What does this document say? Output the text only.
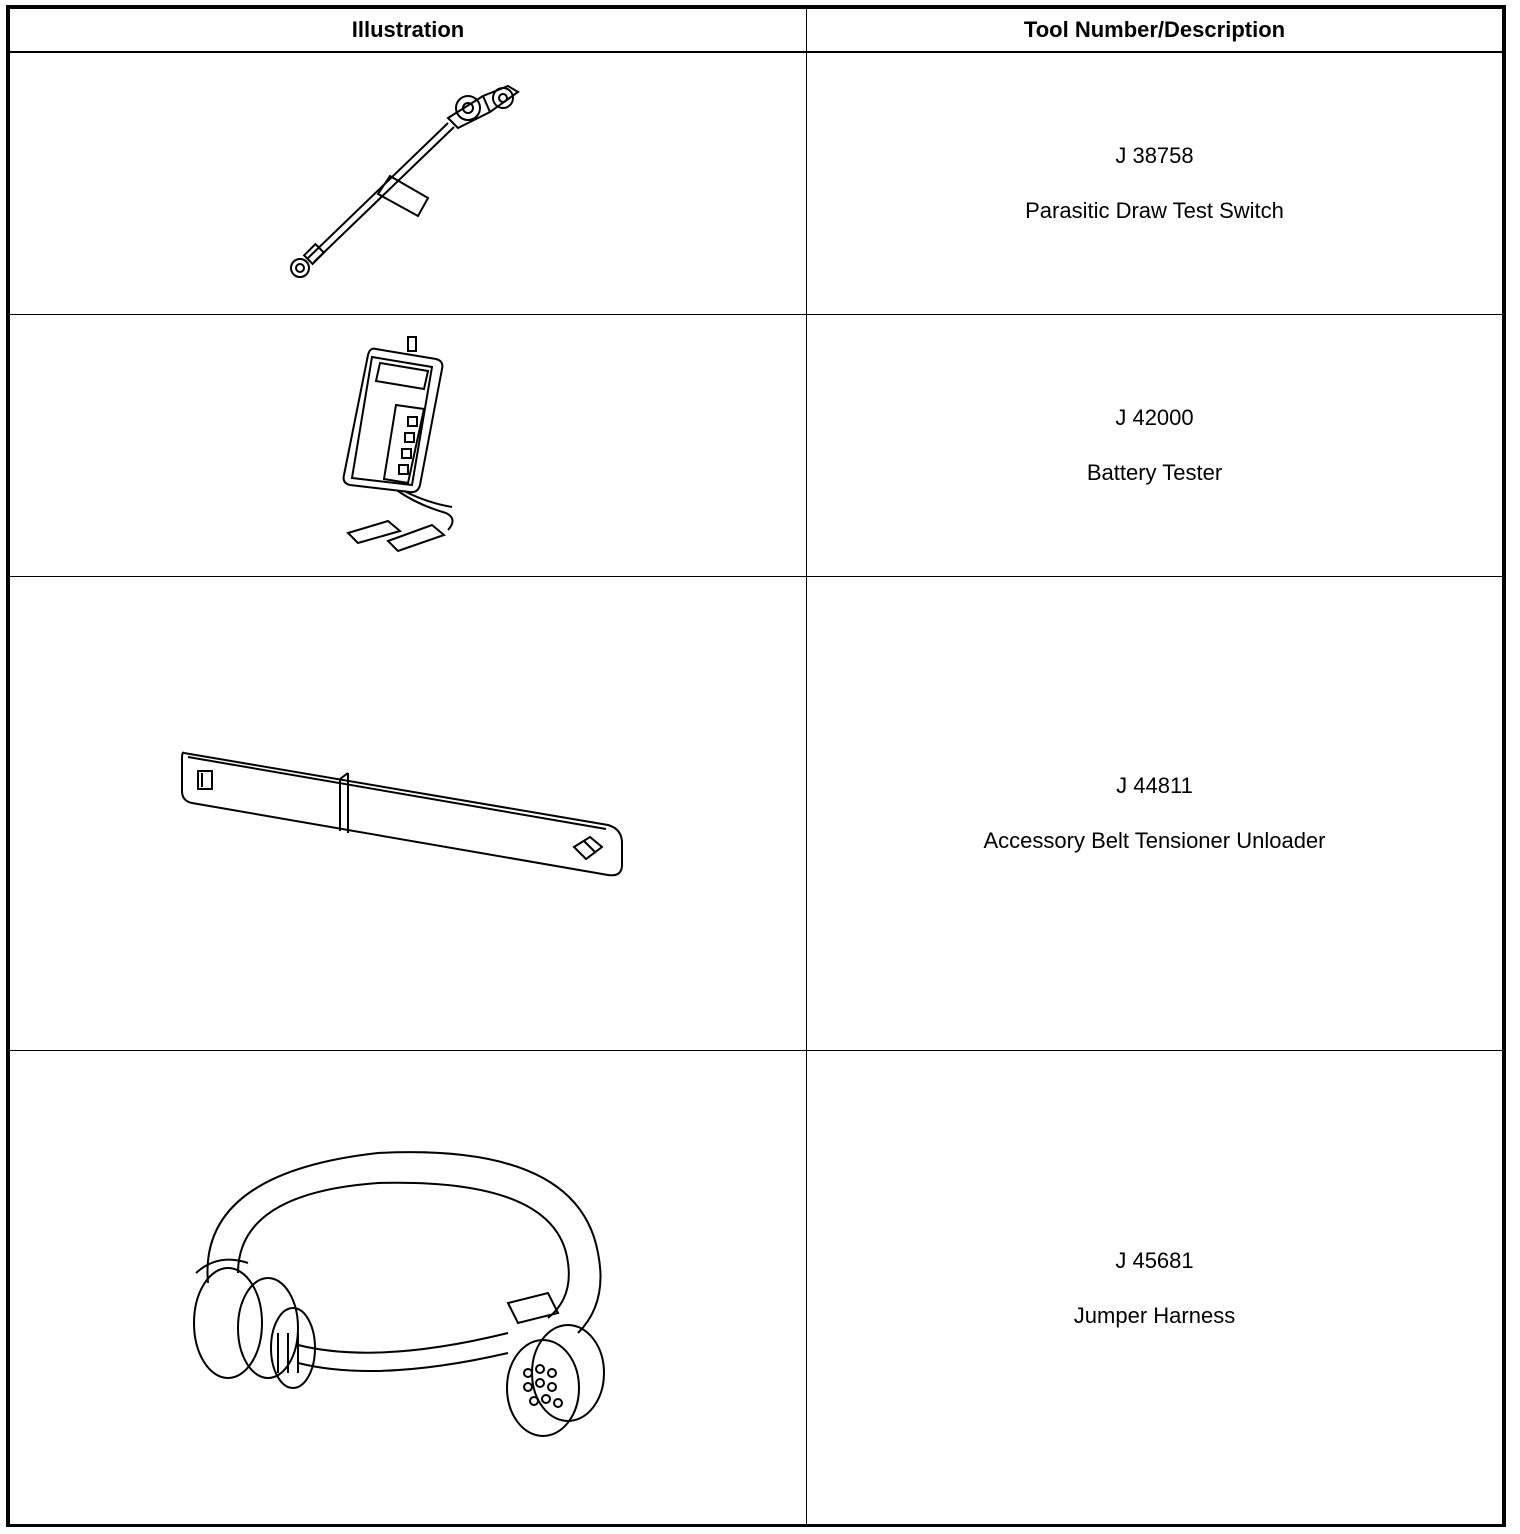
Illustration	Tool Number/Description

J 38758
Parasitic Draw Test Switch

J 42000
Battery Tester

J 44811
Accessory Belt Tensioner Unloader

J 45681
Jumper Harness
